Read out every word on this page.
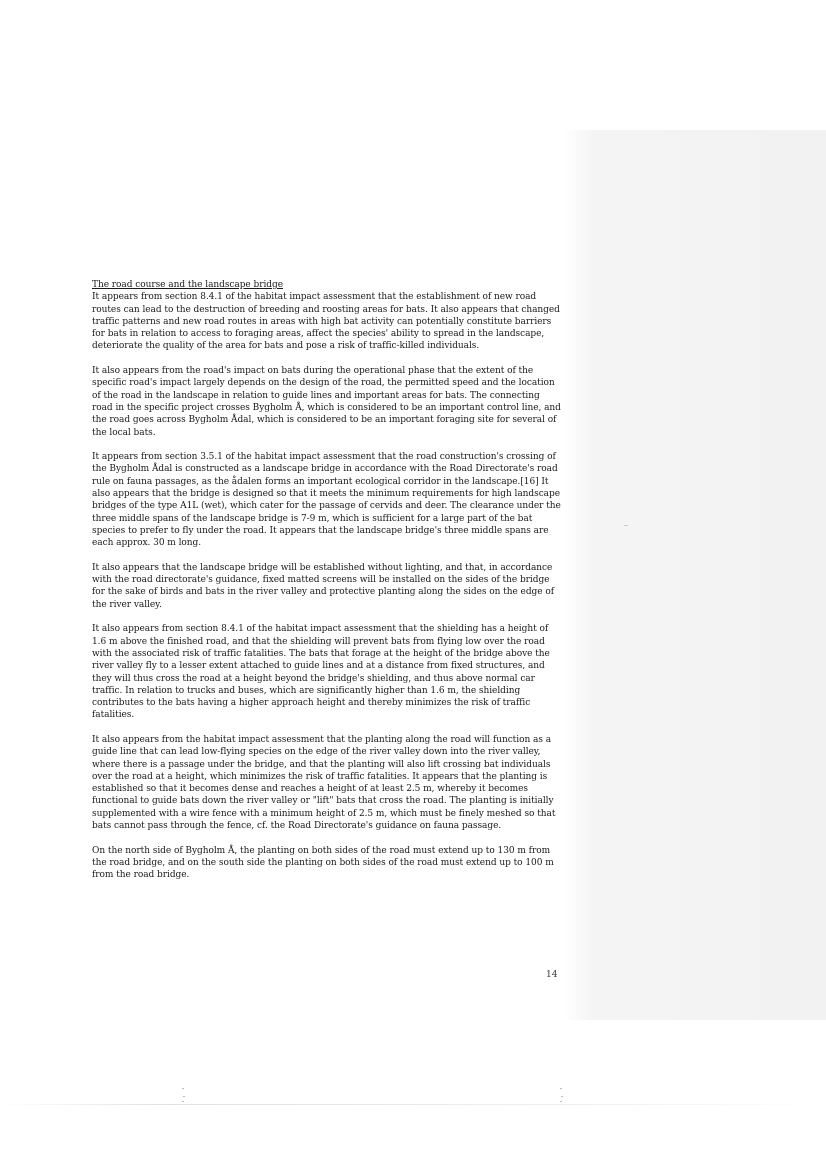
The road course and the landscape bridge

It appears from section 8.4.1 of the habitat impact assessment that the establishment of new road routes can lead to the destruction of breeding and roosting areas for bats. It also appears that changed traffic patterns and new road routes in areas with high bat activity can potentially constitute barriers for bats in relation to access to foraging areas, affect the species' ability to spread in the landscape, deteriorate the quality of the area for bats and pose a risk of traffic-killed individuals.

It also appears from the road's impact on bats during the operational phase that the extent of the specific road's impact largely depends on the design of the road, the permitted speed and the location of the road in the landscape in relation to guide lines and important areas for bats. The connecting road in the specific project crosses Bygholm Å, which is considered to be an important control line, and the road goes across Bygholm Ådal, which is considered to be an important foraging site for several of the local bats.

It appears from section 3.5.1 of the habitat impact assessment that the road construction's crossing of the Bygholm Ådal is constructed as a landscape bridge in accordance with the Road Directorate's road rule on fauna passages, as the ådalen forms an important ecological corridor in the landscape.[16] It also appears that the bridge is designed so that it meets the minimum requirements for high landscape bridges of the type A1L (wet), which cater for the passage of cervids and deer. The clearance under the three middle spans of the landscape bridge is 7-9 m, which is sufficient for a large part of the bat species to prefer to fly under the road. It appears that the landscape bridge's three middle spans are each approx. 30 m long.

It also appears that the landscape bridge will be established without lighting, and that, in accordance with the road directorate's guidance, fixed matted screens will be installed on the sides of the bridge for the sake of birds and bats in the river valley and protective planting along the sides on the edge of the river valley.

It also appears from section 8.4.1 of the habitat impact assessment that the shielding has a height of 1.6 m above the finished road, and that the shielding will prevent bats from flying low over the road with the associated risk of traffic fatalities. The bats that forage at the height of the bridge above the river valley fly to a lesser extent attached to guide lines and at a distance from fixed structures, and they will thus cross the road at a height beyond the bridge's shielding, and thus above normal car traffic. In relation to trucks and buses, which are significantly higher than 1.6 m, the shielding contributes to the bats having a higher approach height and thereby minimizes the risk of traffic fatalities.

It also appears from the habitat impact assessment that the planting along the road will function as a guide line that can lead low-flying species on the edge of the river valley down into the river valley, where there is a passage under the bridge, and that the planting will also lift crossing bat individuals over the road at a height, which minimizes the risk of traffic fatalities. It appears that the planting is established so that it becomes dense and reaches a height of at least 2.5 m, whereby it becomes functional to guide bats down the river valley or "lift" bats that cross the road. The planting is initially supplemented with a wire fence with a minimum height of 2.5 m, which must be finely meshed so that bats cannot pass through the fence, cf. the Road Directorate's guidance on fauna passage.

On the north side of Bygholm Å, the planting on both sides of the road must extend up to 130 m from the road bridge, and on the south side the planting on both sides of the road must extend up to 100 m from the road bridge.

14
